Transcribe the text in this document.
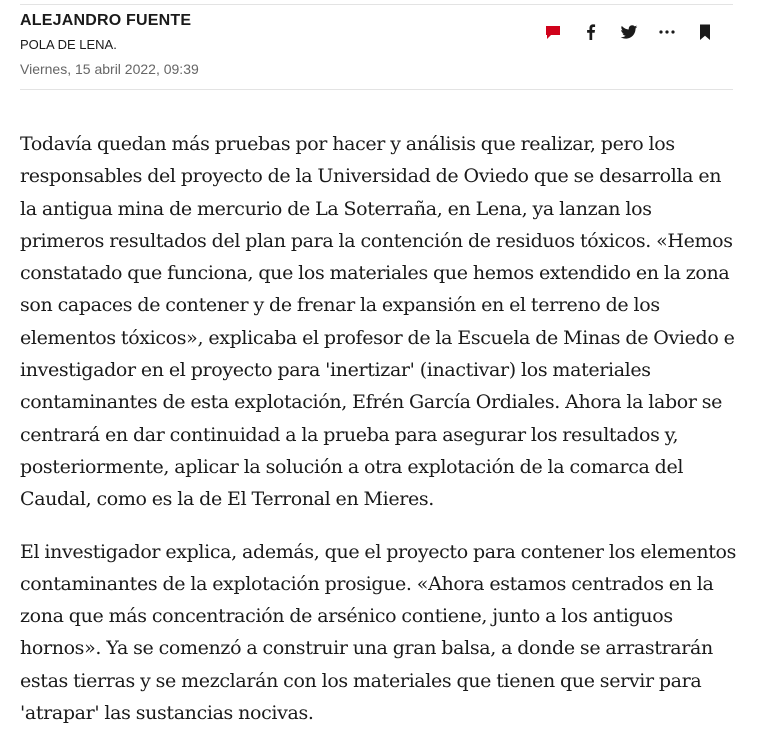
ALEJANDRO FUENTE
POLA DE LENA.
Viernes, 15 abril 2022, 09:39

Todavía quedan más pruebas por hacer y análisis que realizar, pero los responsables del proyecto de la Universidad de Oviedo que se desarrolla en la antigua mina de mercurio de La Soterraña, en Lena, ya lanzan los primeros resultados del plan para la contención de residuos tóxicos. «Hemos constatado que funciona, que los materiales que hemos extendido en la zona son capaces de contener y de frenar la expansión en el terreno de los elementos tóxicos», explicaba el profesor de la Escuela de Minas de Oviedo e investigador en el proyecto para 'inertizar' (inactivar) los materiales contaminantes de esta explotación, Efrén García Ordiales. Ahora la labor se centrará en dar continuidad a la prueba para asegurar los resultados y, posteriormente, aplicar la solución a otra explotación de la comarca del Caudal, como es la de El Terronal en Mieres.

El investigador explica, además, que el proyecto para contener los elementos contaminantes de la explotación prosigue. «Ahora estamos centrados en la zona que más concentración de arsénico contiene, junto a los antiguos hornos». Ya se comenzó a construir una gran balsa, a donde se arrastrarán estas tierras y se mezclarán con los materiales que tienen que servir para 'atrapar' las sustancias nocivas.
